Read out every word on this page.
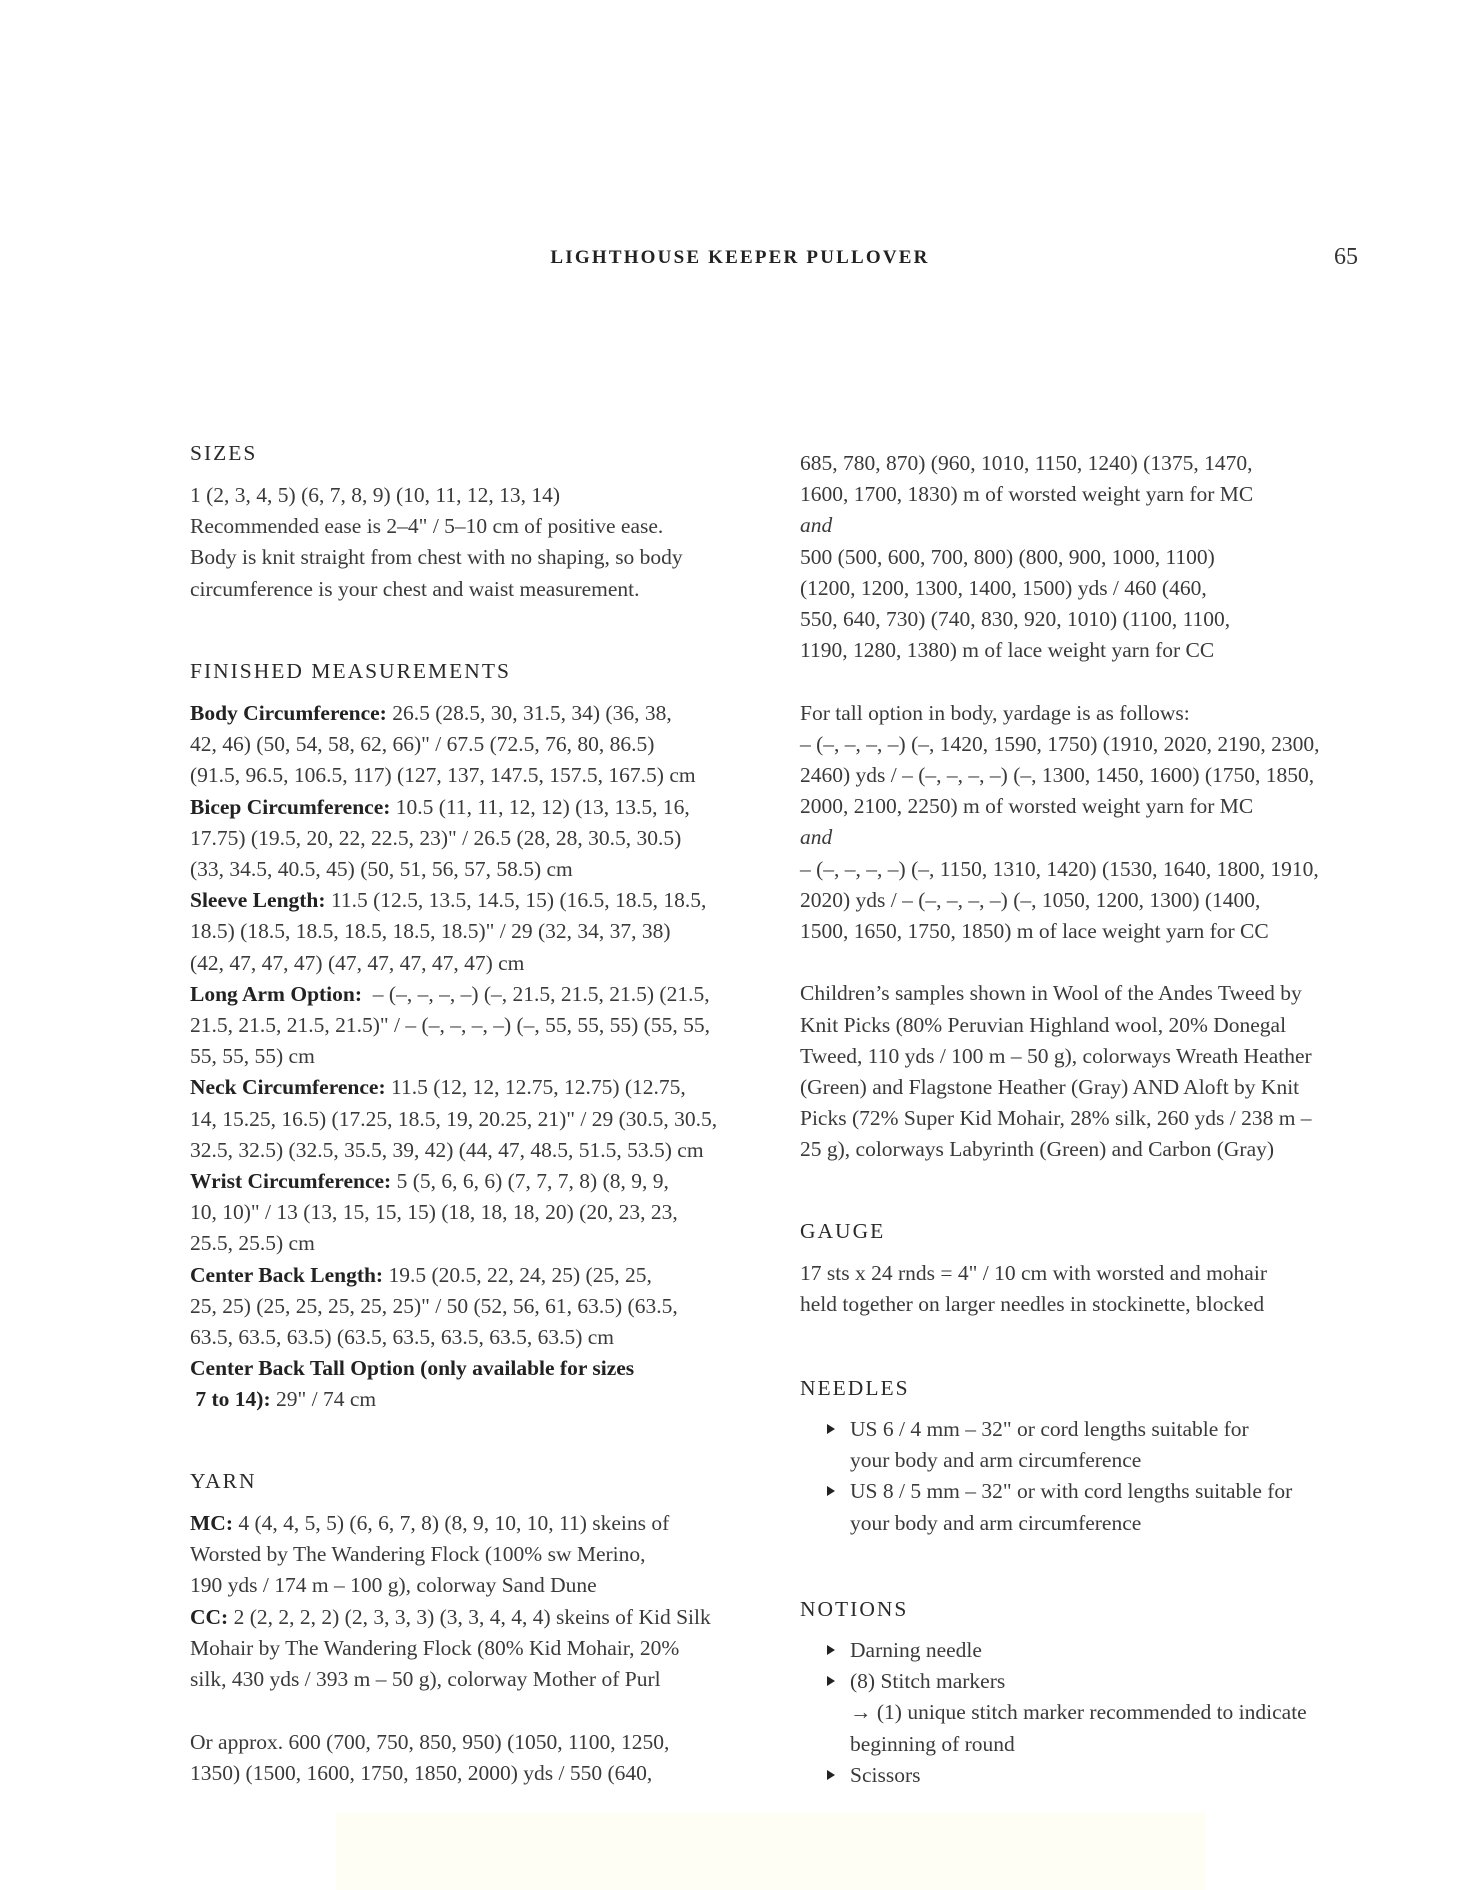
LIGHTHOUSE KEEPER PULLOVER	65
SIZES
1 (2, 3, 4, 5) (6, 7, 8, 9) (10, 11, 12, 13, 14)
Recommended ease is 2–4" / 5–10 cm of positive ease.
Body is knit straight from chest with no shaping, so body
circumference is your chest and waist measurement.
FINISHED MEASUREMENTS
Body Circumference: 26.5 (28.5, 30, 31.5, 34) (36, 38,
42, 46) (50, 54, 58, 62, 66)" / 67.5 (72.5, 76, 80, 86.5)
(91.5, 96.5, 106.5, 117) (127, 137, 147.5, 157.5, 167.5) cm
Bicep Circumference: 10.5 (11, 11, 12, 12) (13, 13.5, 16,
17.75) (19.5, 20, 22, 22.5, 23)" / 26.5 (28, 28, 30.5, 30.5)
(33, 34.5, 40.5, 45) (50, 51, 56, 57, 58.5) cm
Sleeve Length: 11.5 (12.5, 13.5, 14.5, 15) (16.5, 18.5, 18.5,
18.5) (18.5, 18.5, 18.5, 18.5, 18.5)" / 29 (32, 34, 37, 38)
(42, 47, 47, 47) (47, 47, 47, 47, 47) cm
Long Arm Option:  – (–, –, –, –) (–, 21.5, 21.5, 21.5) (21.5,
21.5, 21.5, 21.5, 21.5)" / – (–, –, –, –) (–, 55, 55, 55) (55, 55,
55, 55, 55) cm
Neck Circumference: 11.5 (12, 12, 12.75, 12.75) (12.75,
14, 15.25, 16.5) (17.25, 18.5, 19, 20.25, 21)" / 29 (30.5, 30.5,
32.5, 32.5) (32.5, 35.5, 39, 42) (44, 47, 48.5, 51.5, 53.5) cm
Wrist Circumference: 5 (5, 6, 6, 6) (7, 7, 7, 8) (8, 9, 9,
10, 10)" / 13 (13, 15, 15, 15) (18, 18, 18, 20) (20, 23, 23,
25.5, 25.5) cm
Center Back Length: 19.5 (20.5, 22, 24, 25) (25, 25,
25, 25) (25, 25, 25, 25, 25)" / 50 (52, 56, 61, 63.5) (63.5,
63.5, 63.5, 63.5) (63.5, 63.5, 63.5, 63.5, 63.5) cm
Center Back Tall Option (only available for sizes
7 to 14): 29" / 74 cm
YARN
MC: 4 (4, 4, 5, 5) (6, 6, 7, 8) (8, 9, 10, 10, 11) skeins of
Worsted by The Wandering Flock (100% sw Merino,
190 yds / 174 m – 100 g), colorway Sand Dune
CC: 2 (2, 2, 2, 2) (2, 3, 3, 3) (3, 3, 4, 4, 4) skeins of Kid Silk
Mohair by The Wandering Flock (80% Kid Mohair, 20%
silk, 430 yds / 393 m – 50 g), colorway Mother of Purl
Or approx. 600 (700, 750, 850, 950) (1050, 1100, 1250,
1350) (1500, 1600, 1750, 1850, 2000) yds / 550 (640,
685, 780, 870) (960, 1010, 1150, 1240) (1375, 1470,
1600, 1700, 1830) m of worsted weight yarn for MC
and
500 (500, 600, 700, 800) (800, 900, 1000, 1100)
(1200, 1200, 1300, 1400, 1500) yds / 460 (460,
550, 640, 730) (740, 830, 920, 1010) (1100, 1100,
1190, 1280, 1380) m of lace weight yarn for CC
For tall option in body, yardage is as follows:
– (–, –, –, –) (–, 1420, 1590, 1750) (1910, 2020, 2190, 2300,
2460) yds / – (–, –, –, –) (–, 1300, 1450, 1600) (1750, 1850,
2000, 2100, 2250) m of worsted weight yarn for MC
and
– (–, –, –, –) (–, 1150, 1310, 1420) (1530, 1640, 1800, 1910,
2020) yds / – (–, –, –, –) (–, 1050, 1200, 1300) (1400,
1500, 1650, 1750, 1850) m of lace weight yarn for CC
Children’s samples shown in Wool of the Andes Tweed by
Knit Picks (80% Peruvian Highland wool, 20% Donegal
Tweed, 110 yds / 100 m – 50 g), colorways Wreath Heather
(Green) and Flagstone Heather (Gray) AND Aloft by Knit
Picks (72% Super Kid Mohair, 28% silk, 260 yds / 238 m –
25 g), colorways Labyrinth (Green) and Carbon (Gray)
GAUGE
17 sts x 24 rnds = 4" / 10 cm with worsted and mohair
held together on larger needles in stockinette, blocked
NEEDLES
US 6 / 4 mm – 32" or cord lengths suitable for
your body and arm circumference
US 8 / 5 mm – 32" or with cord lengths suitable for
your body and arm circumference
NOTIONS
Darning needle
(8) Stitch markers
→ (1) unique stitch marker recommended to indicate
beginning of round
Scissors
